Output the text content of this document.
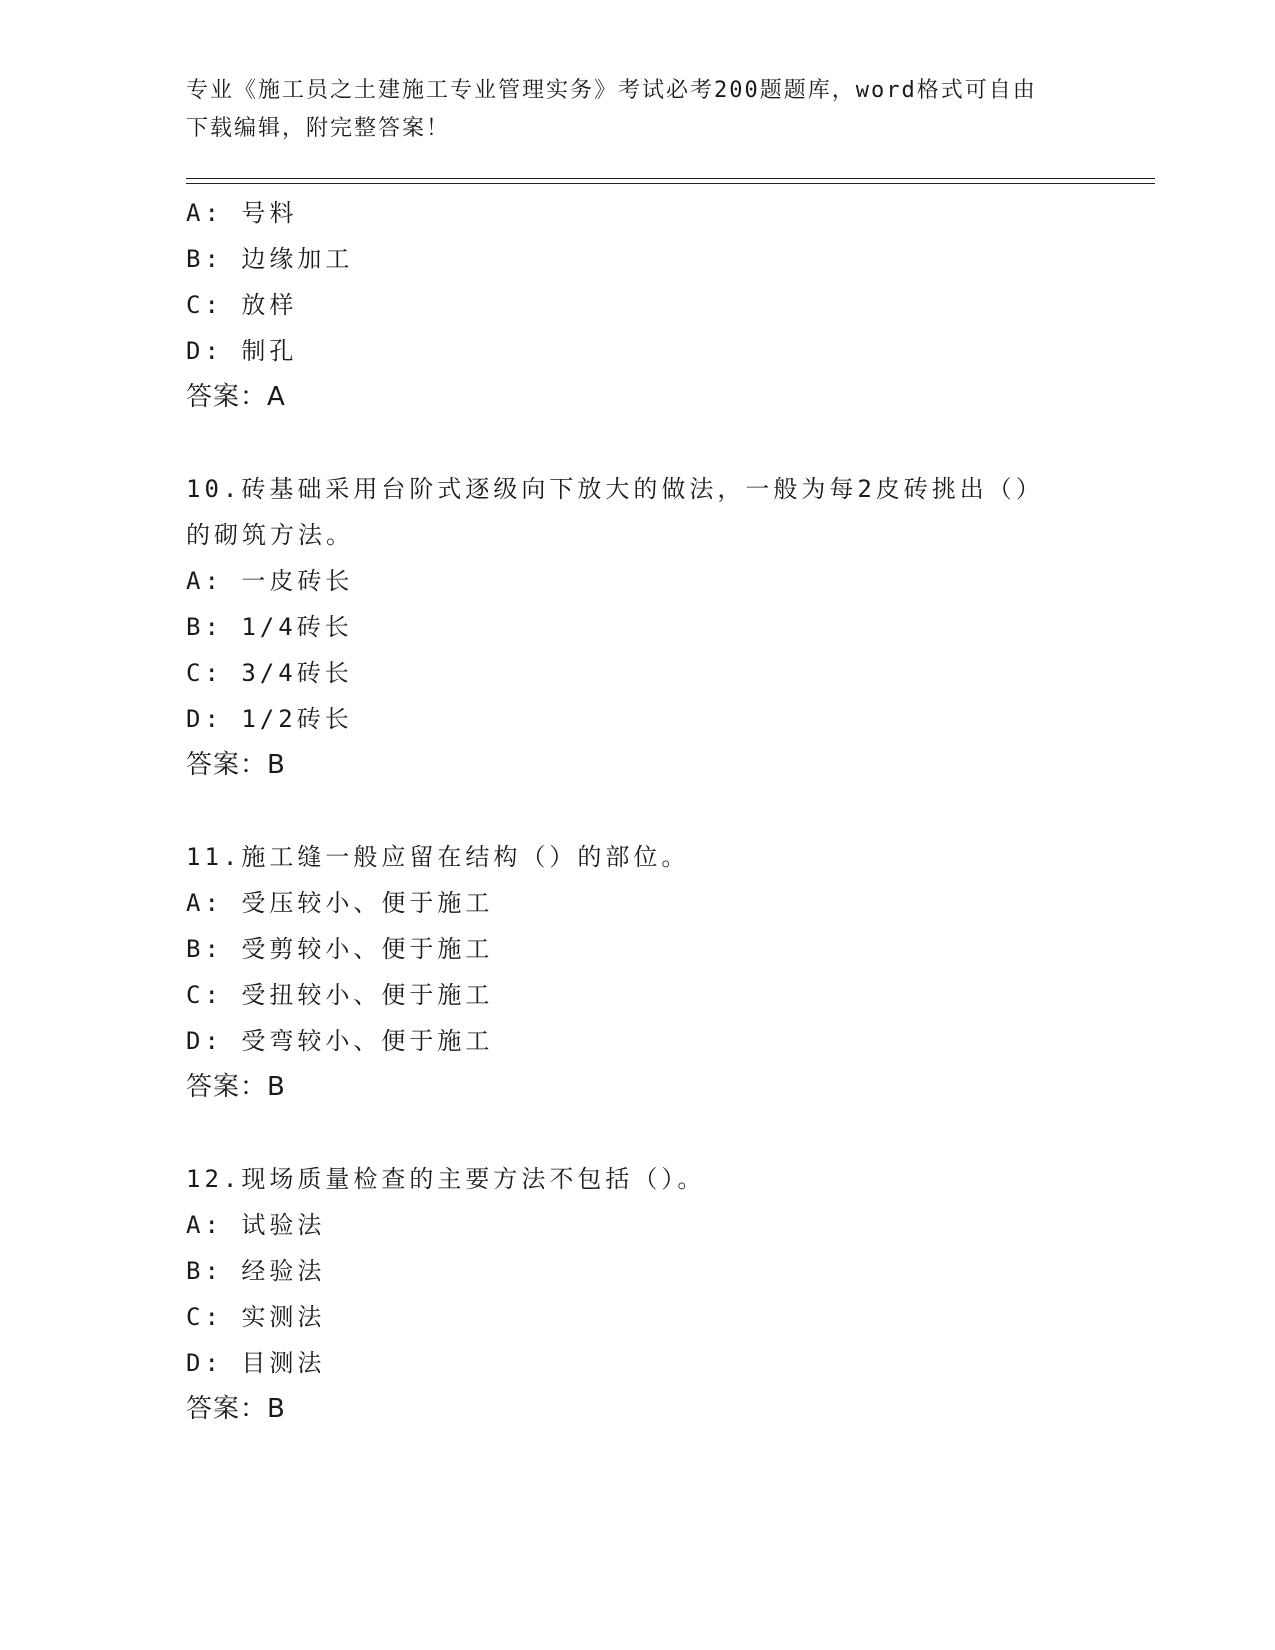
专业《施工员之土建施工专业管理实务》考试必考200题题库，word格式可自由
下载编辑，附完整答案！
A: 号料
B: 边缘加工
C: 放样
D: 制孔
答案：A
10.砖基础采用台阶式逐级向下放大的做法，一般为每2皮砖挑出（）
的砌筑方法。
A: 一皮砖长
B: 1/4砖长
C: 3/4砖长
D: 1/2砖长
答案：B
11.施工缝一般应留在结构（）的部位。
A: 受压较小、便于施工
B: 受剪较小、便于施工
C: 受扭较小、便于施工
D: 受弯较小、便于施工
答案：B
12.现场质量检查的主要方法不包括（）。
A: 试验法
B: 经验法
C: 实测法
D: 目测法
答案：B
